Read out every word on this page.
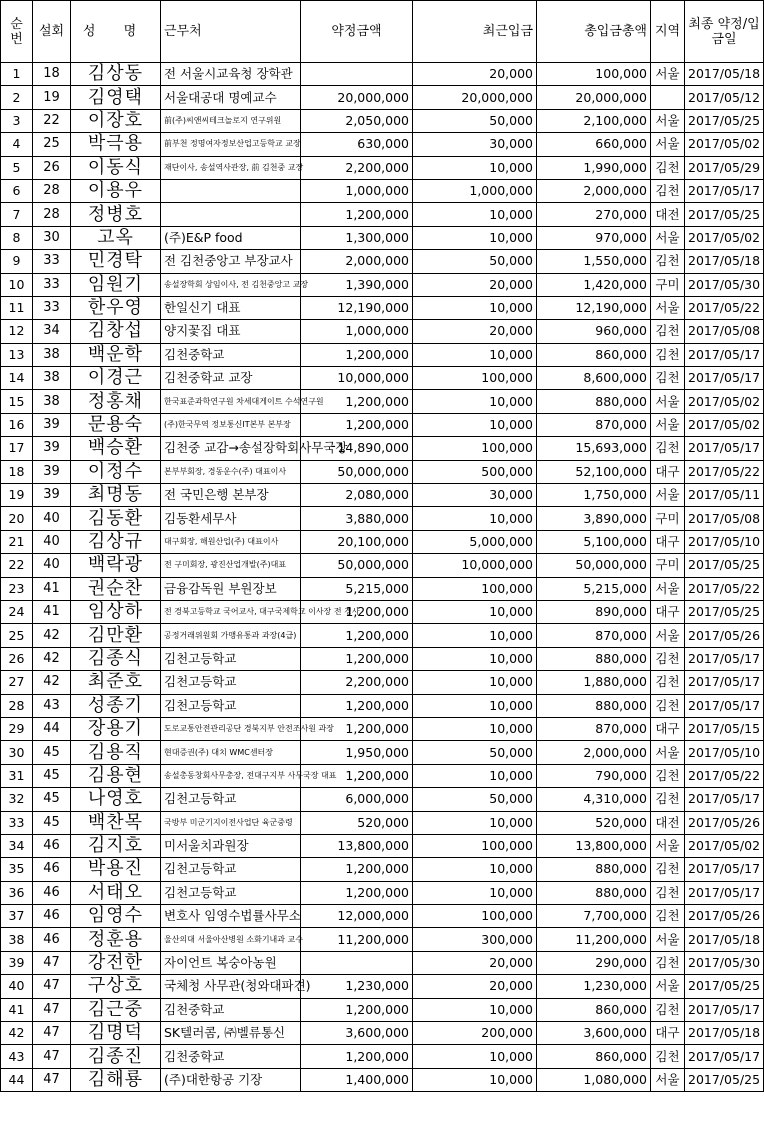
순번	설회	성 명	근무처	약정금액	최근입금	총입금총액	지역	최종 약정/입금일
1	18	김상동	전 서울시교육청 장학관		20,000	100,000	서울	2017/05/18
2	19	김영택	서울대공대 명예교수	20,000,000	20,000,000	20,000,000		2017/05/12
3	22	이장호	前(주)씨앤씨테크놀로지 연구위원	2,050,000	50,000	2,100,000	서울	2017/05/25
4	25	박극용	前부천 정명여자정보산업고등학교 교장	630,000	30,000	660,000	서울	2017/05/02
5	26	이동식	재단이사, 송설역사관장, 前 김천중 교장	2,200,000	10,000	1,990,000	김천	2017/05/29
6	28	이용우		1,000,000	1,000,000	2,000,000	김천	2017/05/17
7	28	정병호		1,200,000	10,000	270,000	대전	2017/05/25
8	30	고옥	(주)E&P food	1,300,000	10,000	970,000	서울	2017/05/02
9	33	민경탁	전 김천중앙고 부장교사	2,000,000	50,000	1,550,000	김천	2017/05/18
10	33	임원기	송설장학회 상임이사, 전 김천중앙고 교장	1,390,000	20,000	1,420,000	구미	2017/05/30
11	33	한우영	한일신기 대표	12,190,000	10,000	12,190,000	서울	2017/05/22
12	34	김창섭	양지꽃집 대표	1,000,000	20,000	960,000	김천	2017/05/08
13	38	백운학	김천중학교	1,200,000	10,000	860,000	김천	2017/05/17
14	38	이경근	김천중학교 교장	10,000,000	100,000	8,600,000	김천	2017/05/17
15	38	정홍채	한국표준과학연구원 차세대게이트 수석연구원	1,200,000	10,000	880,000	서울	2017/05/02
16	39	문용숙	(주)한국무역 정보통신IT본부 본부장	1,200,000	10,000	870,000	서울	2017/05/02
17	39	백승환	김천중 교감→송설장학회사무국장	14,890,000	100,000	15,693,000	김천	2017/05/17
18	39	이정수	본부부회장, 경동운수(주) 대표이사	50,000,000	500,000	52,100,000	대구	2017/05/22
19	39	최명동	전 국민은행 본부장	2,080,000	30,000	1,750,000	서울	2017/05/11
20	40	김동환	김동환세무사	3,880,000	10,000	3,890,000	구미	2017/05/08
21	40	김상규	대구회장, 해원산업(주) 대표이사	20,100,000	5,000,000	5,100,000	대구	2017/05/10
22	40	백락광	전 구미회장, 광진산업개발(주)대표	50,000,000	10,000,000	50,000,000	구미	2017/05/25
23	41	권순찬	금융감독원 부원장보	5,215,000	100,000	5,215,000	서울	2017/05/22
24	41	임상하	전 경북고등학교 국어교사, 대구국제학교 이사장 전 경사	1,200,000	10,000	890,000	대구	2017/05/25
25	42	김만환	공정거래위원회 가맹유통과 과장(4급)	1,200,000	10,000	870,000	서울	2017/05/26
26	42	김종식	김천고등학교	1,200,000	10,000	880,000	김천	2017/05/17
27	42	최준호	김천고등학교	2,200,000	10,000	1,880,000	김천	2017/05/17
28	43	성종기	김천고등학교	1,200,000	10,000	880,000	김천	2017/05/17
29	44	장용기	도로교통안전관리공단 경북지부 안전조사원 과장	1,200,000	10,000	870,000	대구	2017/05/15
30	45	김용직	현대증권(주) 대치 WMC센터장	1,950,000	50,000	2,000,000	서울	2017/05/10
31	45	김용현	송설총동창회사무총장, 전대구지부 사무국장 대표	1,200,000	10,000	790,000	김천	2017/05/22
32	45	나영호	김천고등학교	6,000,000	50,000	4,310,000	김천	2017/05/17
33	45	백찬목	국방부 미군기지이전사업단 육군중령	520,000	10,000	520,000	대전	2017/05/26
34	46	김지호	미서울치과원장	13,800,000	100,000	13,800,000	서울	2017/05/02
35	46	박용진	김천고등학교	1,200,000	10,000	880,000	김천	2017/05/17
36	46	서태오	김천고등학교	1,200,000	10,000	880,000	김천	2017/05/17
37	46	임영수	변호사 임영수법률사무소	12,000,000	100,000	7,700,000	김천	2017/05/26
38	46	정훈용	울산의대 서울아산병원 소화기내과 교수	11,200,000	300,000	11,200,000	서울	2017/05/18
39	47	강전한	자이언트 복숭아농원		20,000	290,000	김천	2017/05/30
40	47	구상호	국체청 사무관(청와대파견)	1,230,000	20,000	1,230,000	서울	2017/05/25
41	47	김근중	김천중학교	1,200,000	10,000	860,000	김천	2017/05/17
42	47	김명덕	SK텔러콤, ㈜벨류통신	3,600,000	200,000	3,600,000	대구	2017/05/18
43	47	김종진	김천중학교	1,200,000	10,000	860,000	김천	2017/05/17
44	47	김해룡	(주)대한항공 기장	1,400,000	10,000	1,080,000	서울	2017/05/25
